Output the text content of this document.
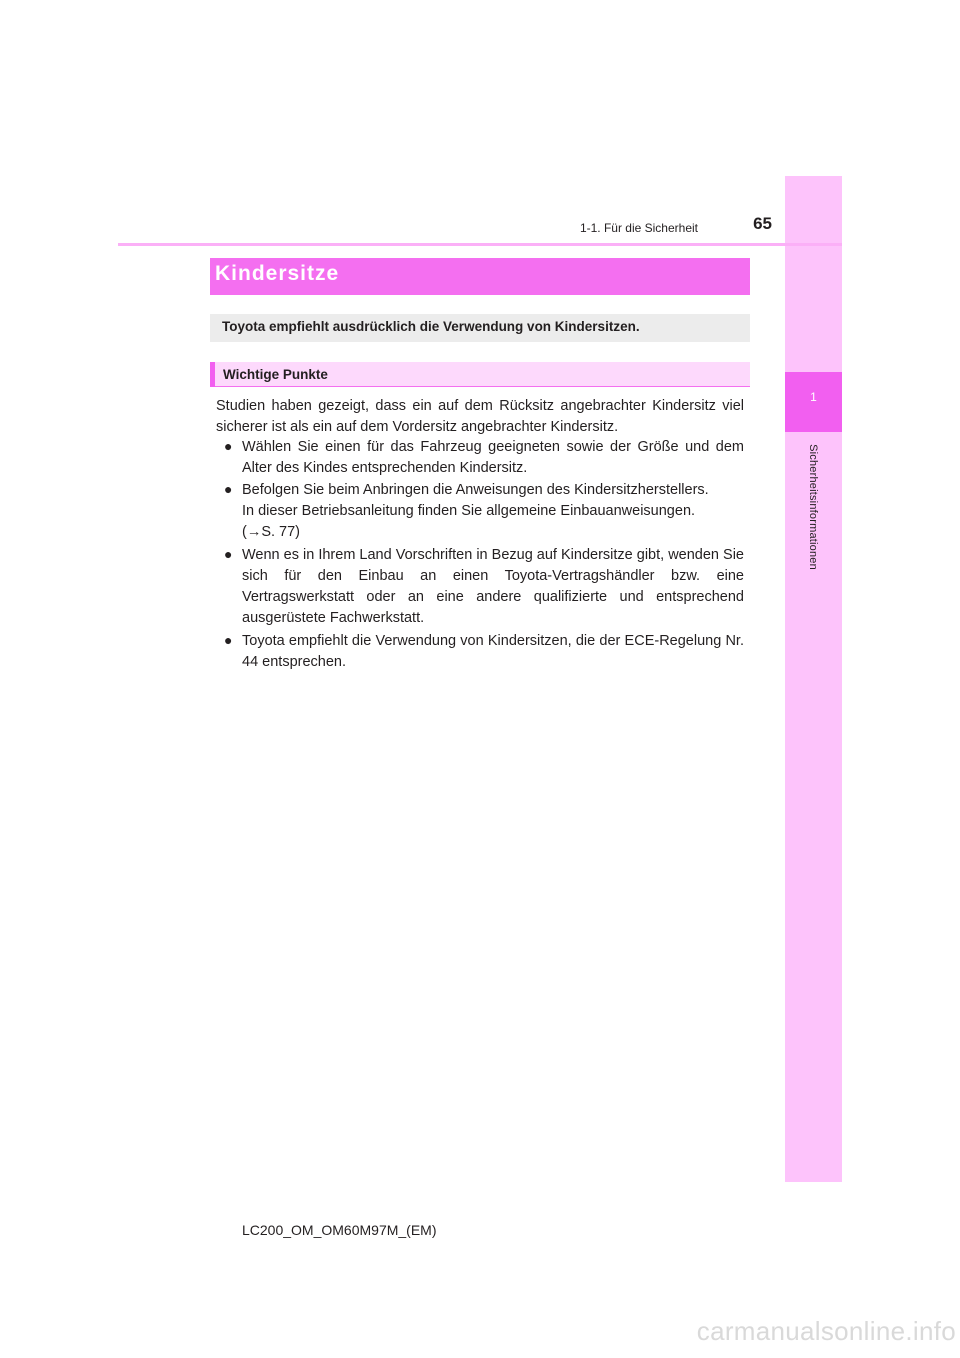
1
Sicherheitsinformationen
1-1. Für die Sicherheit	65
Kindersitze
Toyota empfiehlt ausdrücklich die Verwendung von Kindersitzen.
Wichtige Punkte
Studien haben gezeigt, dass ein auf dem Rücksitz angebrachter Kindersitz viel sicherer ist als ein auf dem Vordersitz angebrachter Kindersitz.
● Wählen Sie einen für das Fahrzeug geeigneten sowie der Größe und dem Alter des Kindes entsprechenden Kindersitz.
● Befolgen Sie beim Anbringen die Anweisungen des Kindersitzherstellers.
In dieser Betriebsanleitung finden Sie allgemeine Einbauanweisungen.
(→S. 77)
● Wenn es in Ihrem Land Vorschriften in Bezug auf Kindersitze gibt, wenden Sie sich für den Einbau an einen Toyota-Vertragshändler bzw. eine Vertragswerkstatt oder an eine andere qualifizierte und entsprechend ausgerüstete Fachwerkstatt.
● Toyota empfiehlt die Verwendung von Kindersitzen, die der ECE-Regelung Nr. 44 entsprechen.
LC200_OM_OM60M97M_(EM)
carmanualsonline.info
